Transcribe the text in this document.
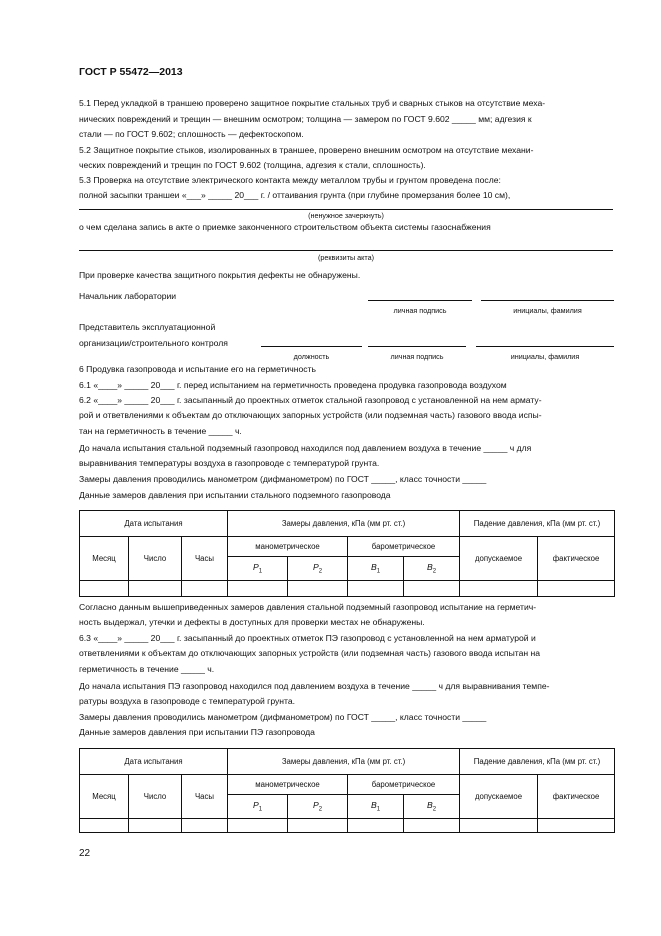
ГОСТ Р 55472—2013
5.1 Перед укладкой в траншею проверено защитное покрытие стальных труб и сварных стыков на отсутствие меха-
нических повреждений и трещин — внешним осмотром; толщина — замером по ГОСТ 9.602 _____ мм; адгезия к
стали — по ГОСТ 9.602; сплошность — дефектоскопом.
5.2 Защитное покрытие стыков, изолированных в траншее, проверено внешним осмотром на отсутствие механи-
ческих повреждений и трещин по ГОСТ 9.602 (толщина, адгезия к стали, сплошность).
5.3 Проверка на отсутствие электрического контакта между металлом трубы и грунтом проведена после:
полной засыпки траншеи «___» _____ 20___ г. / оттаивания грунта (при глубине промерзания более 10 см),
(ненужное зачеркнуть)
о чем сделана запись в акте о приемке законченного строительством объекта системы газоснабжения
(реквизиты акта)
При проверке качества защитного покрытия дефекты не обнаружены.
Начальник лаборатории
личная подпись	инициалы, фамилия
Представитель эксплуатационной
организации/строительного контроля
должность	личная подпись	инициалы, фамилия
6 Продувка газопровода и испытание его на герметичность
6.1 «____» _____ 20___ г. перед испытанием на герметичность проведена продувка газопровода воздухом
6.2 «____» _____ 20___ г. засыпанный до проектных отметок стальной газопровод с установленной на нем армату-
рой и ответвлениями к объектам до отключающих запорных устройств (или подземная часть) газового ввода испы-
тан на герметичность в течение _____ ч.
До начала испытания стальной подземный газопровод находился под давлением воздуха в течение _____ ч для
выравнивания температуры воздуха в газопроводе с температурой грунта.
Замеры давления проводились манометром (дифманометром) по ГОСТ _____, класс точности _____
Данные замеров давления при испытании стального подземного газопровода
Дата испытания			Замеры давления, кПа (мм рт. ст.)				Падение давления, кПа (мм рт. ст.)	
Месяц	Число	Часы	манометрическое		барометрическое		допускаемое	фактическое
			$P_1$	$P_2$	$B_1$	$B_2$

Согласно данным вышеприведенных замеров давления стальной подземный газопровод испытание на герметич-
ность выдержал, утечки и дефекты в доступных для проверки местах не обнаружены.
6.3 «____» _____ 20___ г. засыпанный до проектных отметок ПЭ газопровод с установленной на нем арматурой и
ответвлениями к объектам до отключающих запорных устройств (или подземная часть) газового ввода испытан на
герметичность в течение _____ ч.
До начала испытания ПЭ газопровод находился под давлением воздуха в течение _____ ч для выравнивания темпе-
ратуры воздуха в газопроводе с температурой грунта.
Замеры давления проводились манометром (дифманометром) по ГОСТ _____, класс точности _____
Данные замеров давления при испытании ПЭ газопровода
Дата испытания			Замеры давления, кПа (мм рт. ст.)				Падение давления, кПа (мм рт. ст.)	
Месяц	Число	Часы	манометрическое		барометрическое		допускаемое	фактическое
			$P_1$	$P_2$	$B_1$	$B_2$

22
